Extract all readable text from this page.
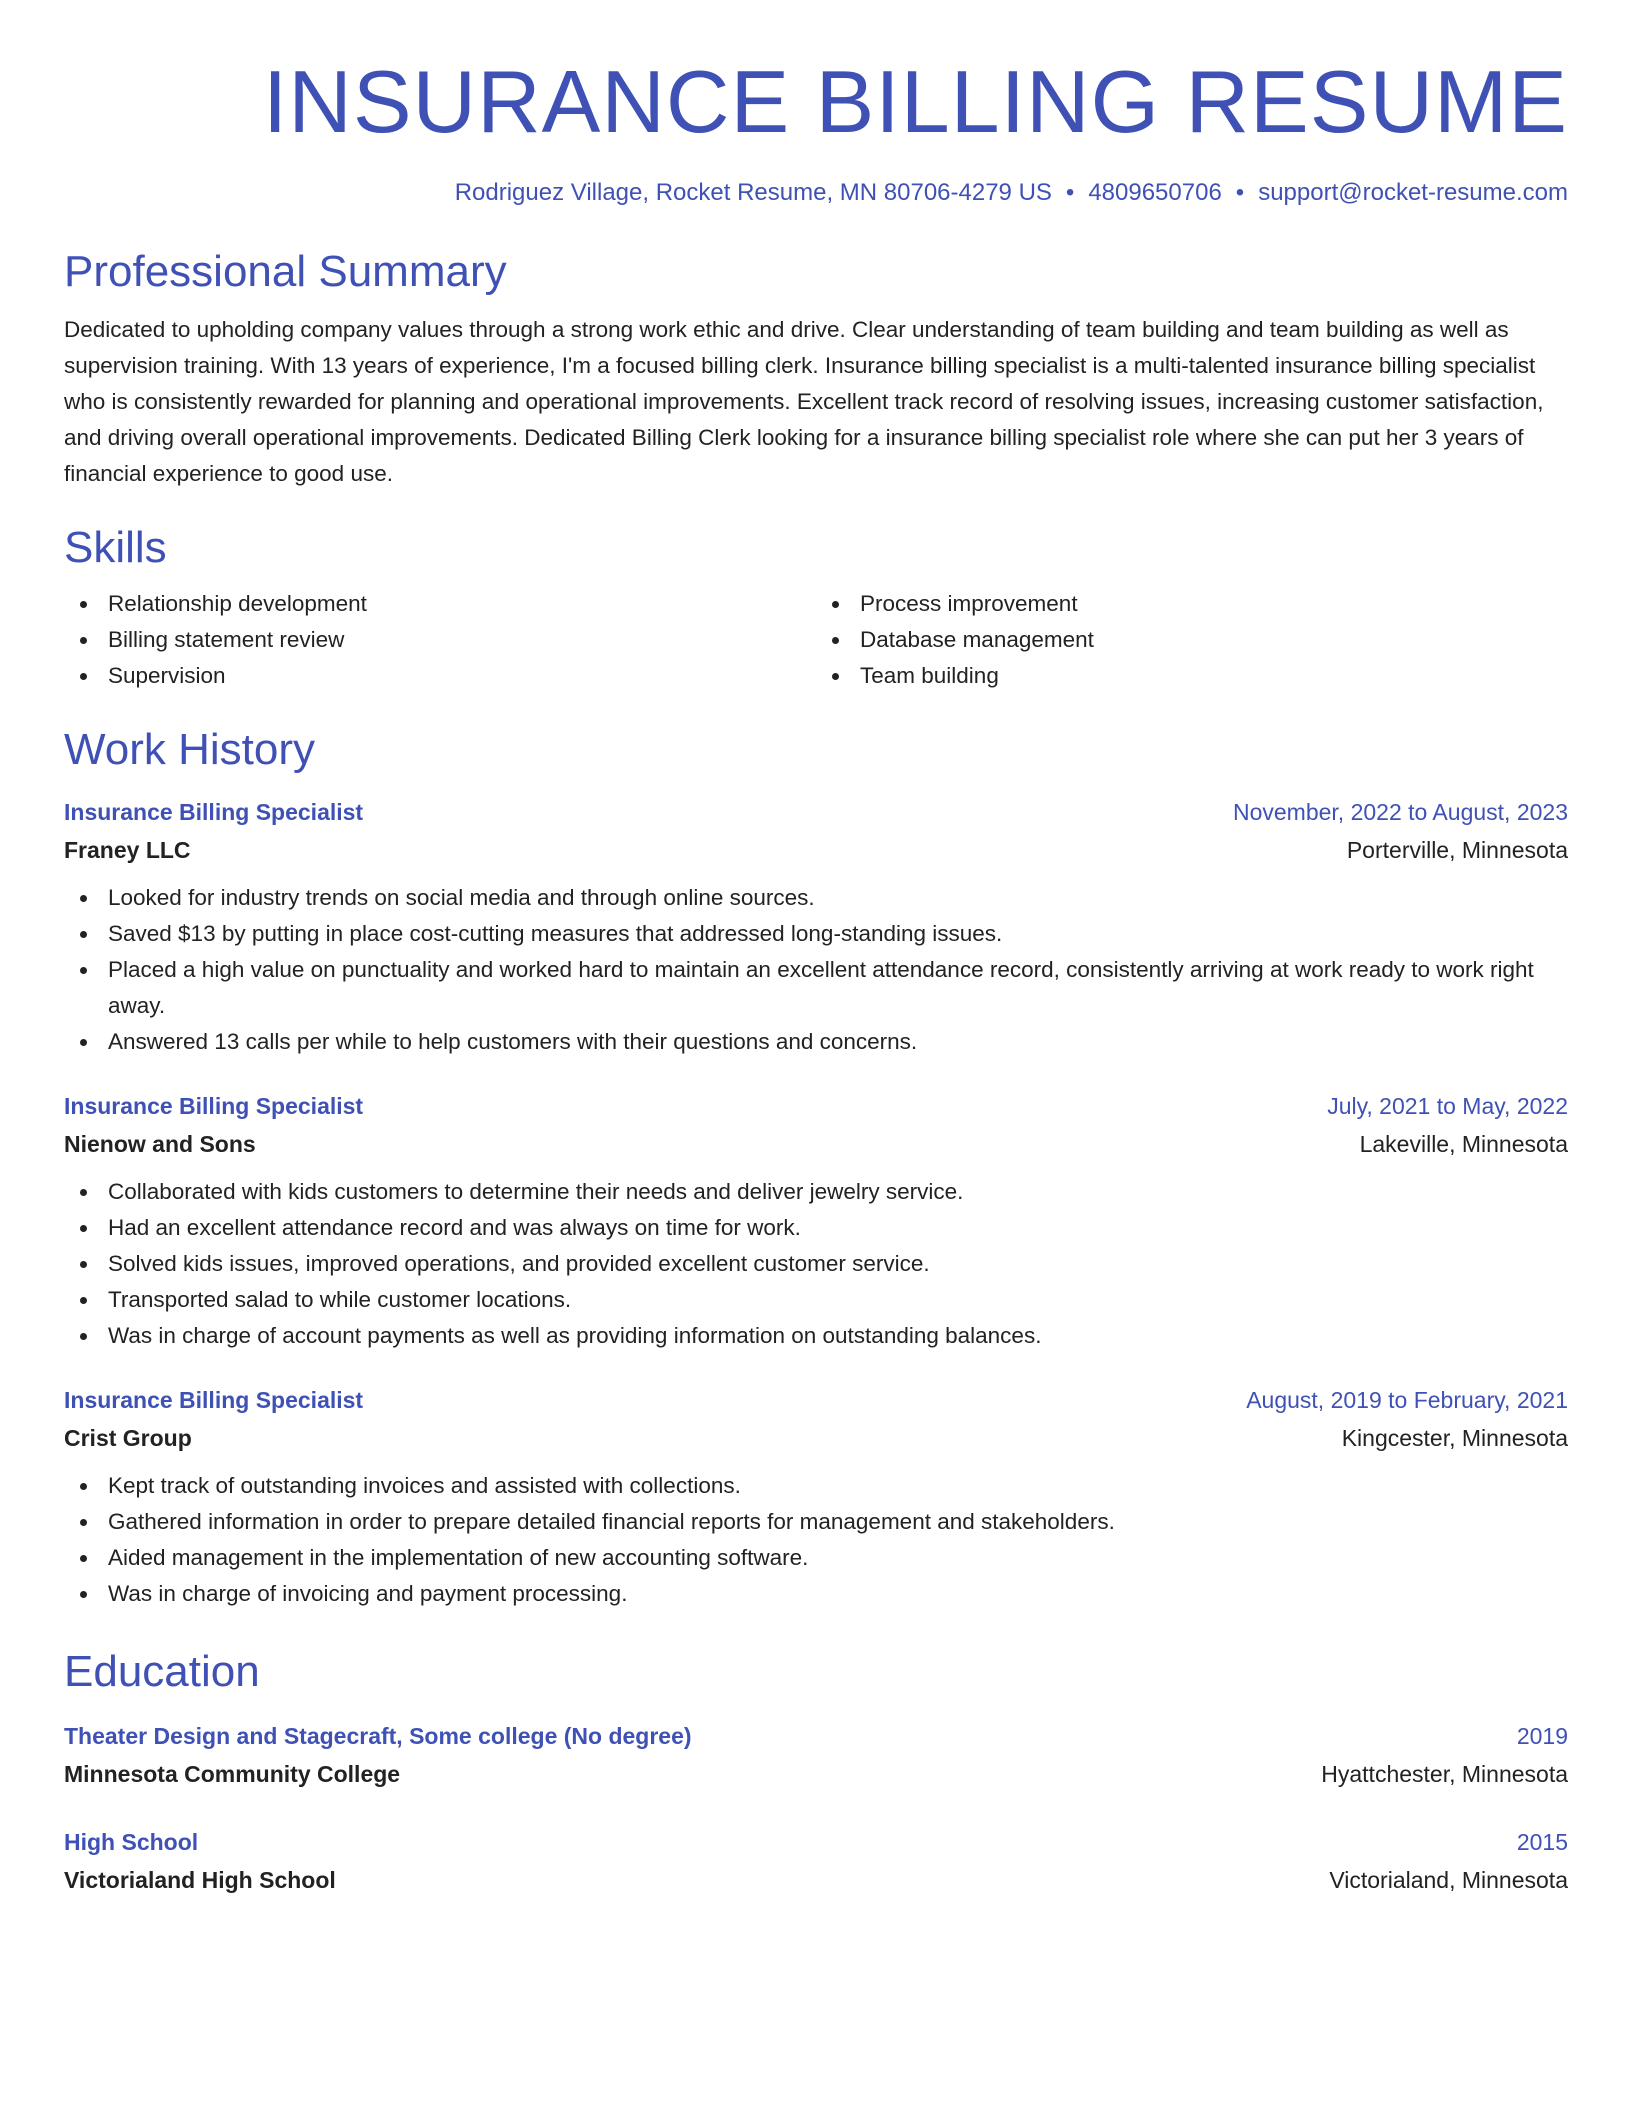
INSURANCE BILLING RESUME
Rodriguez Village, Rocket Resume, MN 80706-4279 US • 4809650706 • support@rocket-resume.com
Professional Summary

Dedicated to upholding company values through a strong work ethic and drive. Clear understanding of team building and team building as well as supervision training. With 13 years of experience, I'm a focused billing clerk. Insurance billing specialist is a multi-talented insurance billing specialist who is consistently rewarded for planning and operational improvements. Excellent track record of resolving issues, increasing customer satisfaction, and driving overall operational improvements. Dedicated Billing Clerk looking for a insurance billing specialist role where she can put her 3 years of financial experience to good use.

Skills
Relationship development
Billing statement review
Supervision
Process improvement
Database management
Team building
Work History
Insurance Billing Specialist	November, 2022 to August, 2023
Franey LLC	Porterville, Minnesota
Looked for industry trends on social media and through online sources.
Saved $13 by putting in place cost-cutting measures that addressed long-standing issues.
Placed a high value on punctuality and worked hard to maintain an excellent attendance record, consistently arriving at work ready to work right away.
Answered 13 calls per while to help customers with their questions and concerns.
Insurance Billing Specialist	July, 2021 to May, 2022
Nienow and Sons	Lakeville, Minnesota
Collaborated with kids customers to determine their needs and deliver jewelry service.
Had an excellent attendance record and was always on time for work.
Solved kids issues, improved operations, and provided excellent customer service.
Transported salad to while customer locations.
Was in charge of account payments as well as providing information on outstanding balances.
Insurance Billing Specialist	August, 2019 to February, 2021
Crist Group	Kingcester, Minnesota
Kept track of outstanding invoices and assisted with collections.
Gathered information in order to prepare detailed financial reports for management and stakeholders.
Aided management in the implementation of new accounting software.
Was in charge of invoicing and payment processing.
Education
Theater Design and Stagecraft, Some college (No degree)	2019
Minnesota Community College	Hyattchester, Minnesota
High School	2015
Victorialand High School	Victorialand, Minnesota
